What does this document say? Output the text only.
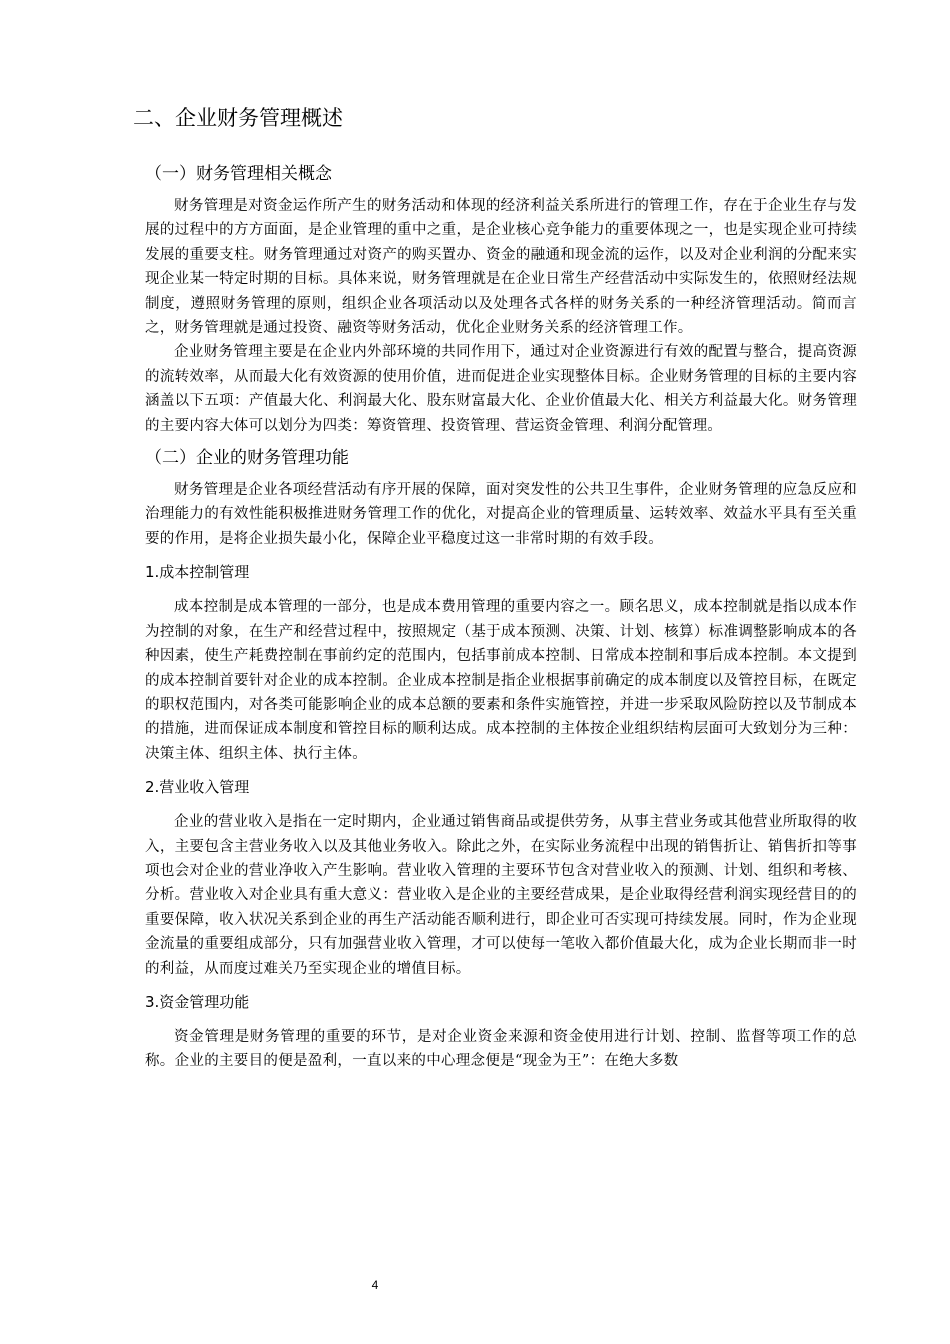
二、企业财务管理概述
（一）财务管理相关概念

财务管理是对资金运作所产生的财务活动和体现的经济利益关系所进行的管理工作，存在于企业生存与发展的过程中的方方面面，是企业管理的重中之重，是企业核心竞争能力的重要体现之一，也是实现企业可持续发展的重要支柱。财务管理通过对资产的购买置办、资金的融通和现金流的运作，以及对企业利润的分配来实现企业某一特定时期的目标。具体来说，财务管理就是在企业日常生产经营活动中实际发生的，依照财经法规制度，遵照财务管理的原则，组织企业各项活动以及处理各式各样的财务关系的一种经济管理活动。简而言之，财务管理就是通过投资、融资等财务活动，优化企业财务关系的经济管理工作。

企业财务管理主要是在企业内外部环境的共同作用下，通过对企业资源进行有效的配置与整合，提高资源的流转效率，从而最大化有效资源的使用价值，进而促进企业实现整体目标。企业财务管理的目标的主要内容涵盖以下五项：产值最大化、利润最大化、股东财富最大化、企业价值最大化、相关方利益最大化。财务管理的主要内容大体可以划分为四类：筹资管理、投资管理、营运资金管理、利润分配管理。

（二）企业的财务管理功能

财务管理是企业各项经营活动有序开展的保障，面对突发性的公共卫生事件，企业财务管理的应急反应和治理能力的有效性能积极推进财务管理工作的优化，对提高企业的管理质量、运转效率、效益水平具有至关重要的作用，是将企业损失最小化，保障企业平稳度过这一非常时期的有效手段。

1.成本控制管理

成本控制是成本管理的一部分，也是成本费用管理的重要内容之一。顾名思义，成本控制就是指以成本作为控制的对象，在生产和经营过程中，按照规定（基于成本预测、决策、计划、核算）标准调整影响成本的各种因素，使生产耗费控制在事前约定的范围内，包括事前成本控制、日常成本控制和事后成本控制。本文提到的成本控制首要针对企业的成本控制。企业成本控制是指企业根据事前确定的成本制度以及管控目标，在既定的职权范围内，对各类可能影响企业的成本总额的要素和条件实施管控，并进一步采取风险防控以及节制成本的措施，进而保证成本制度和管控目标的顺利达成。成本控制的主体按企业组织结构层面可大致划分为三种：决策主体、组织主体、执行主体。

2.营业收入管理

企业的营业收入是指在一定时期内，企业通过销售商品或提供劳务，从事主营业务或其他营业所取得的收入，主要包含主营业务收入以及其他业务收入。除此之外，在实际业务流程中出现的销售折让、销售折扣等事项也会对企业的营业净收入产生影响。营业收入管理的主要环节包含对营业收入的预测、计划、组织和考核、分析。营业收入对企业具有重大意义：营业收入是企业的主要经营成果，是企业取得经营利润实现经营目的的重要保障，收入状况关系到企业的再生产活动能否顺利进行，即企业可否实现可持续发展。同时，作为企业现金流量的重要组成部分，只有加强营业收入管理，才可以使每一笔收入都价值最大化，成为企业长期而非一时的利益，从而度过难关乃至实现企业的增值目标。

3.资金管理功能

资金管理是财务管理的重要的环节，是对企业资金来源和资金使用进行计划、控制、监督等项工作的总称。企业的主要目的便是盈利，一直以来的中心理念便是“现金为王”：在绝大多数

4
